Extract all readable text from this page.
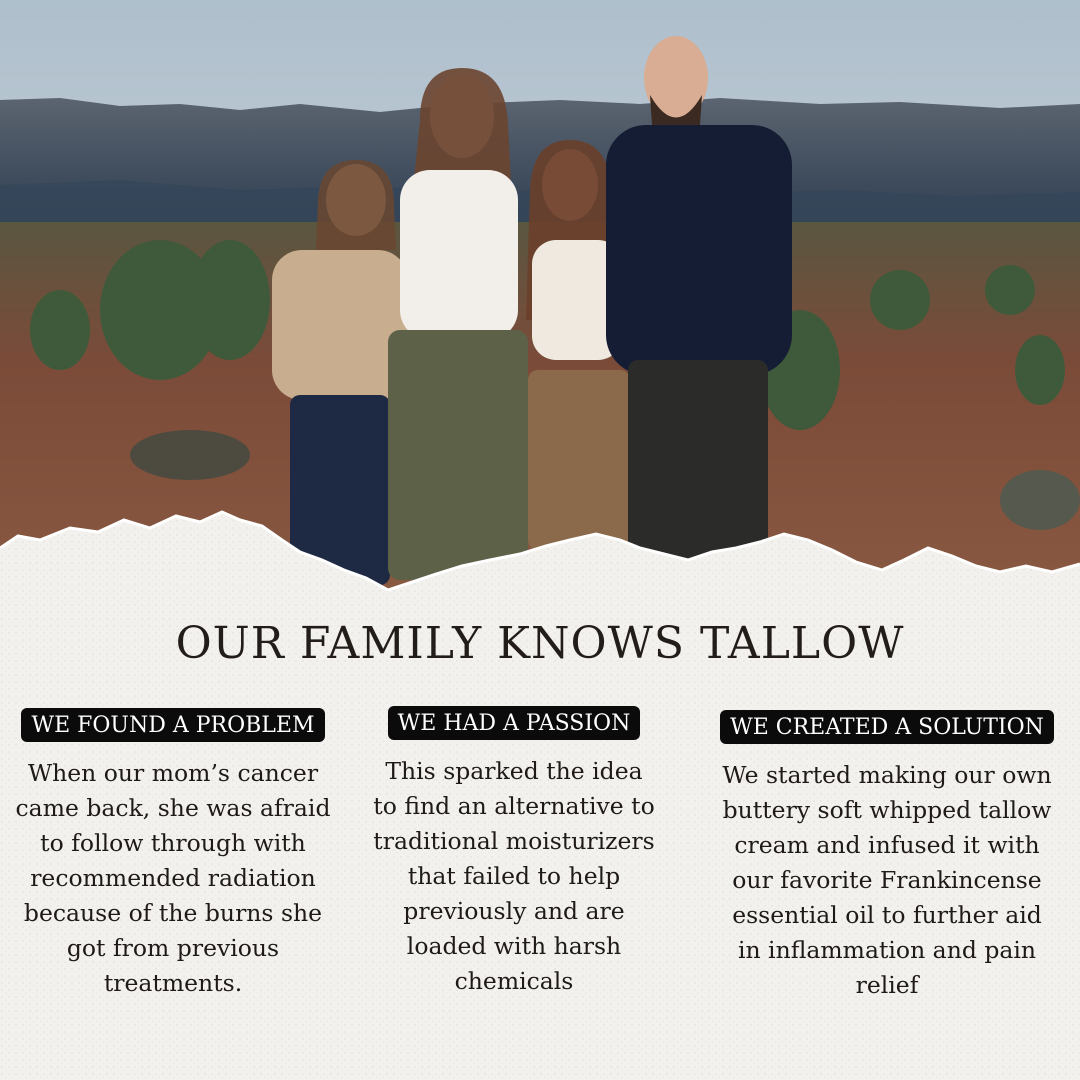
OUR FAMILY KNOWS TALLOW
WE FOUND A PROBLEM
When our mom’s cancer came back, she was afraid to follow through with recommended radiation because of the burns she got from previous treatments.
WE HAD A PASSION
This sparked the idea to find an alternative to traditional moisturizers that failed to help previously and are loaded with harsh chemicals
WE CREATED A SOLUTION
We started making our own buttery soft whipped tallow cream and infused it with our favorite Frankincense essential oil to further aid in inflammation and pain relief
